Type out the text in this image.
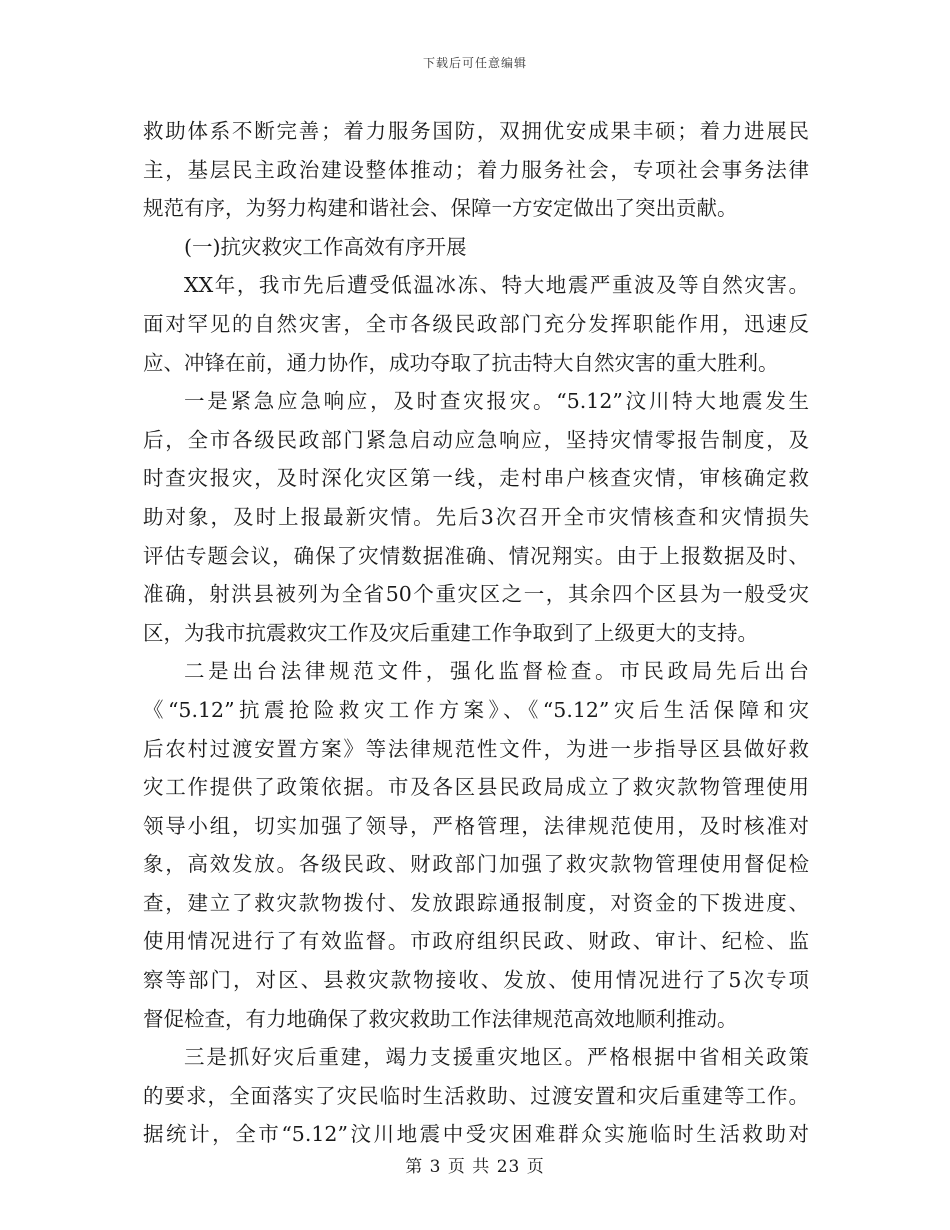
下载后可任意编辑
救助体系不断完善；着力服务国防，双拥优安成果丰硕；着力进展民
主，基层民主政治建设整体推动；着力服务社会，专项社会事务法律
规范有序，为努力构建和谐社会、保障一方安定做出了突出贡献。
(一)抗灾救灾工作高效有序开展
XX年，我市先后遭受低温冰冻、特大地震严重波及等自然灾害。
面对罕见的自然灾害，全市各级民政部门充分发挥职能作用，迅速反
应、冲锋在前，通力协作，成功夺取了抗击特大自然灾害的重大胜利。
一是紧急应急响应，及时查灾报灾。“5.12”汶川特大地震发生
后，全市各级民政部门紧急启动应急响应，坚持灾情零报告制度，及
时查灾报灾，及时深化灾区第一线，走村串户核查灾情，审核确定救
助对象，及时上报最新灾情。先后3次召开全市灾情核查和灾情损失
评估专题会议，确保了灾情数据准确、情况翔实。由于上报数据及时、
准确，射洪县被列为全省50个重灾区之一，其余四个区县为一般受灾
区，为我市抗震救灾工作及灾后重建工作争取到了上级更大的支持。
二是出台法律规范文件，强化监督检查。市民政局先后出台
《“5.12”抗震抢险救灾工作方案》、《“5.12”灾后生活保障和灾
后农村过渡安置方案》等法律规范性文件，为进一步指导区县做好救
灾工作提供了政策依据。市及各区县民政局成立了救灾款物管理使用
领导小组，切实加强了领导，严格管理，法律规范使用，及时核准对
象，高效发放。各级民政、财政部门加强了救灾款物管理使用督促检
查，建立了救灾款物拨付、发放跟踪通报制度，对资金的下拨进度、
使用情况进行了有效监督。市政府组织民政、财政、审计、纪检、监
察等部门，对区、县救灾款物接收、发放、使用情况进行了5次专项
督促检查，有力地确保了救灾救助工作法律规范高效地顺利推动。
三是抓好灾后重建，竭力支援重灾地区。严格根据中省相关政策
的要求，全面落实了灾民临时生活救助、过渡安置和灾后重建等工作。
据统计，全市“5.12”汶川地震中受灾困难群众实施临时生活救助对
第 3 页 共 23 页
